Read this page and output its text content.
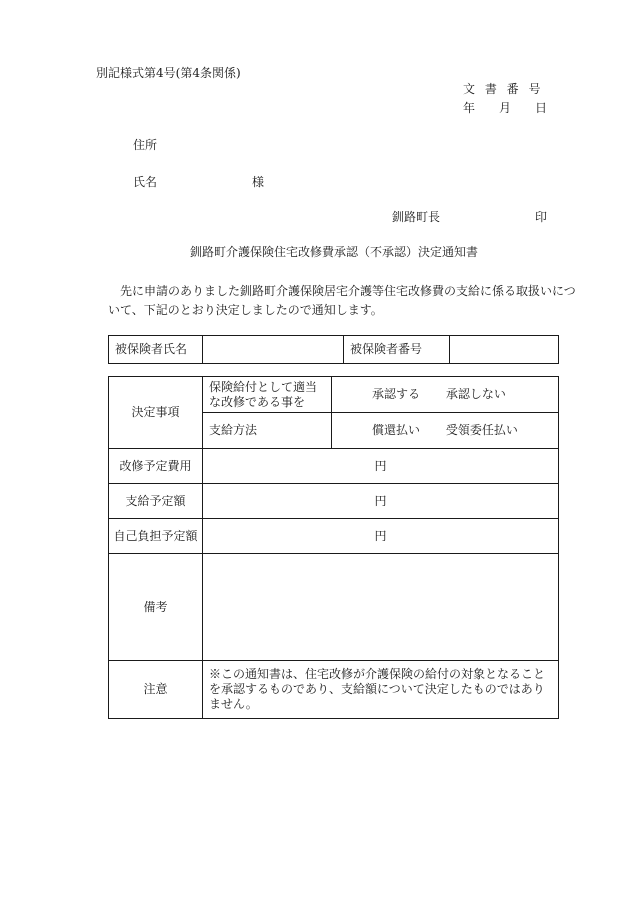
別記様式第4号(第4条関係)
文 書 番 号
年 月 日
住所
氏名	様
釧路町長	印
釧路町介護保険住宅改修費承認（不承認）決定通知書
先に申請のありました釧路町介護保険居宅介護等住宅改修費の支給に係る取扱いについて、下記のとおり決定しましたので通知します。
被保険者氏名		被保険者番号	
決定事項	保険給付として適当な改修である事を	承認する 承認しない
	支給方法	償還払い 受領委任払い
改修予定費用	円	
支給予定額	円	
自己負担予定額	円	
備考		
注意	※この通知書は、住宅改修が介護保険の給付の対象となることを承認するものであり、支給額について決定したものではありません。	
